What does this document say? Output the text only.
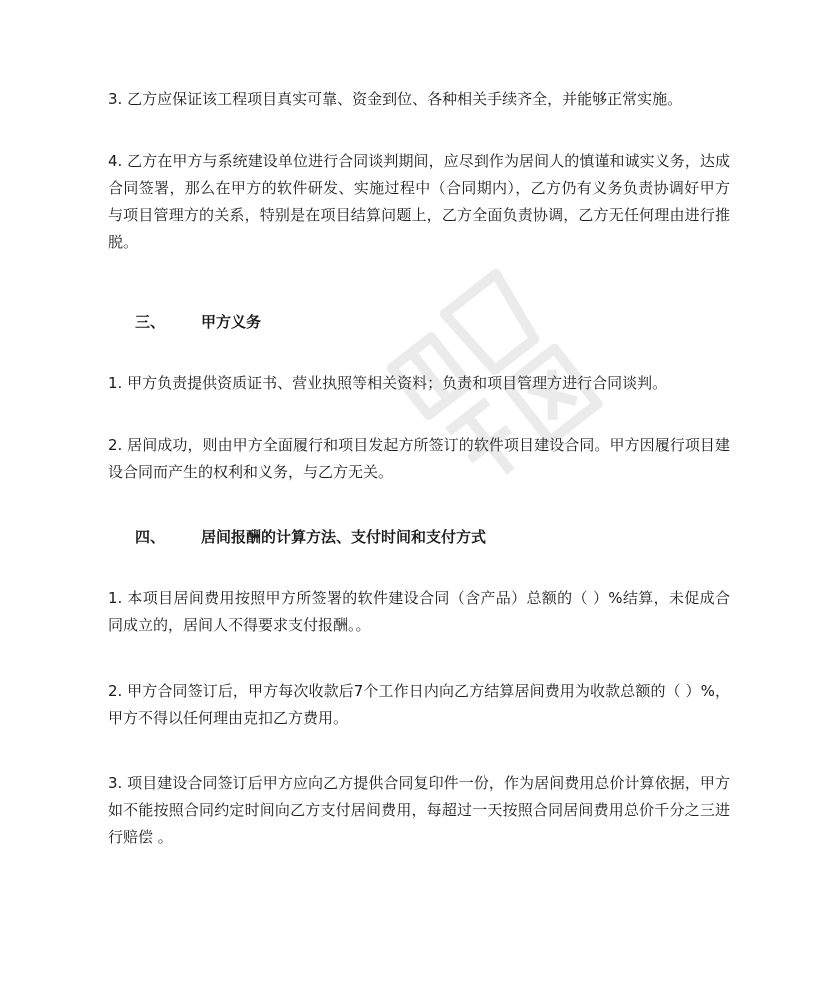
3. 乙方应保证该工程项目真实可靠、资金到位、各种相关手续齐全，并能够正常实施。

4. 乙方在甲方与系统建设单位进行合同谈判期间，应尽到作为居间人的慎谨和诚实义务，达成合同签署，那么在甲方的软件研发、实施过程中（合同期内），乙方仍有义务负责协调好甲方与项目管理方的关系，特别是在项目结算问题上，乙方全面负责协调，乙方无任何理由进行推脱。

三、 甲方义务

1. 甲方负责提供资质证书、营业执照等相关资料；负责和项目管理方进行合同谈判。

2. 居间成功，则由甲方全面履行和项目发起方所签订的软件项目建设合同。甲方因履行项目建设合同而产生的权利和义务，与乙方无关。

四、 居间报酬的计算方法、支付时间和支付方式

1. 本项目居间费用按照甲方所签署的软件建设合同（含产品）总额的（ ）%结算，未促成合同成立的，居间人不得要求支付报酬。。

2. 甲方合同签订后，甲方每次收款后7个工作日内向乙方结算居间费用为收款总额的（ ）%，甲方不得以任何理由克扣乙方费用。

3. 项目建设合同签订后甲方应向乙方提供合同复印件一份，作为居间费用总价计算依据，甲方如不能按照合同约定时间向乙方支付居间费用，每超过一天按照合同居间费用总价千分之三进行赔偿 。
